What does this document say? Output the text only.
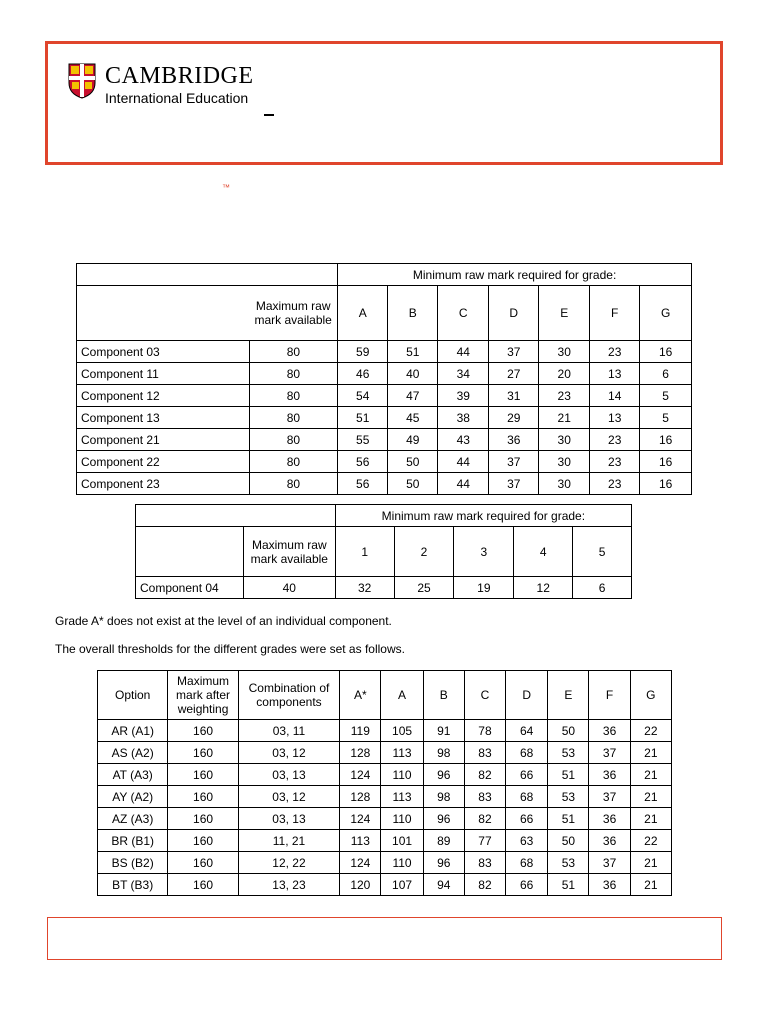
CAMBRIDGE
International Education
™
		Minimum raw mark required for grade:						
	Maximum raw mark available	A	B	C	D	E	F	G
Component 03	80	59	51	44	37	30	23	16
Component 11	80	46	40	34	27	20	13	6
Component 12	80	54	47	39	31	23	14	5
Component 13	80	51	45	38	29	21	13	5
Component 21	80	55	49	43	36	30	23	16
Component 22	80	56	50	44	37	30	23	16
Component 23	80	56	50	44	37	30	23	16
		Minimum raw mark required for grade:				
	Maximum raw mark available	1	2	3	4	5
Component 04	40	32	25	19	12	6
Grade A* does not exist at the level of an individual component.
The overall thresholds for the different grades were set as follows.
Option	Maximum mark after weighting	Combination of components	A*	A	B	C	D	E	F	G
AR (A1)	160	03, 11	119	105	91	78	64	50	36	22
AS (A2)	160	03, 12	128	113	98	83	68	53	37	21
AT (A3)	160	03, 13	124	110	96	82	66	51	36	21
AY (A2)	160	03, 12	128	113	98	83	68	53	37	21
AZ (A3)	160	03, 13	124	110	96	82	66	51	36	21
BR (B1)	160	11, 21	113	101	89	77	63	50	36	22
BS (B2)	160	12, 22	124	110	96	83	68	53	37	21
BT (B3)	160	13, 23	120	107	94	82	66	51	36	21
